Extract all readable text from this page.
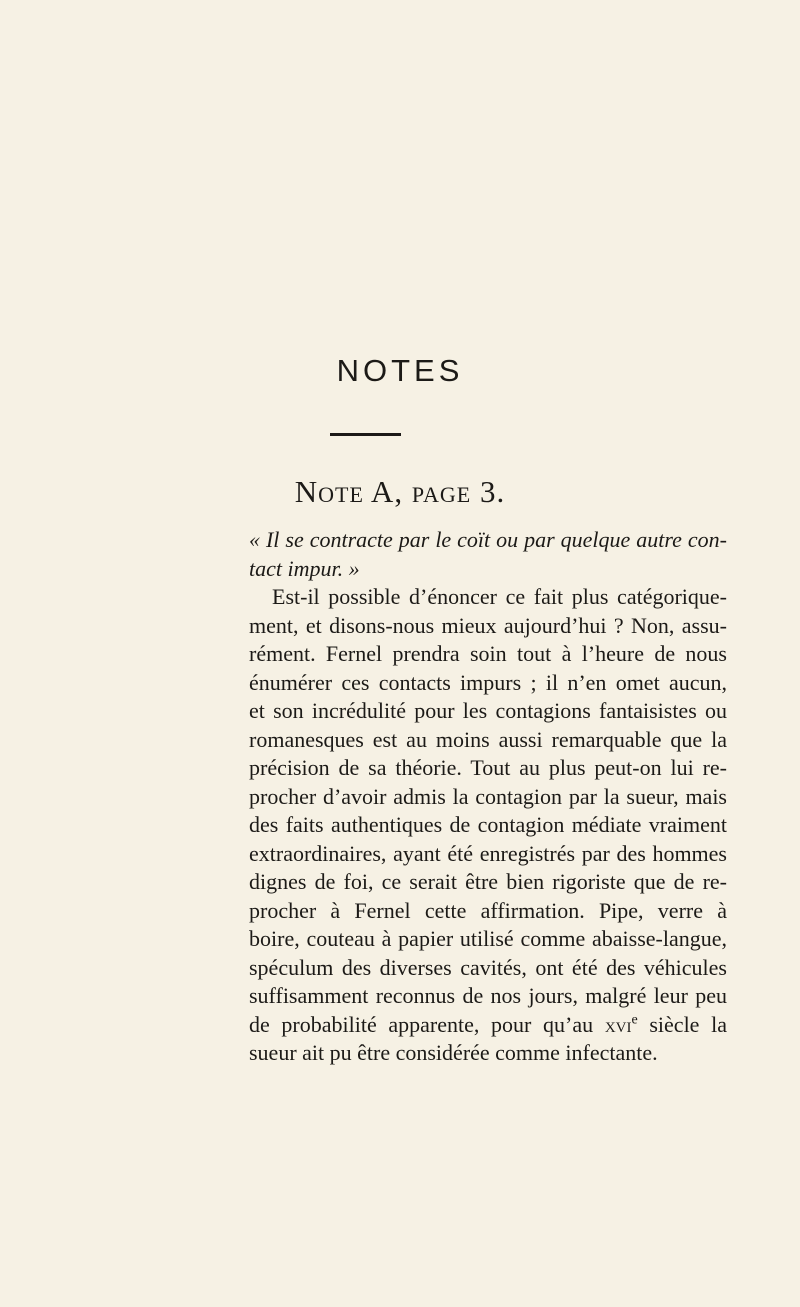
NOTES
Note A, page 3.
« Il se contracte par le coït ou par quelque autre con-
tact impur. »
Est-il possible d’énoncer ce fait plus catégorique-
ment, et disons-nous mieux aujourd’hui ? Non, assu-
rément. Fernel prendra soin tout à l’heure de nous
énumérer ces contacts impurs ; il n’en omet aucun,
et son incrédulité pour les contagions fantaisistes ou
romanesques est au moins aussi remarquable que la
précision de sa théorie. Tout au plus peut-on lui re-
procher d’avoir admis la contagion par la sueur, mais
des faits authentiques de contagion médiate vraiment
extraordinaires, ayant été enregistrés par des hommes
dignes de foi, ce serait être bien rigoriste que de re-
procher à Fernel cette affirmation. Pipe, verre à
boire, couteau à papier utilisé comme abaisse-langue,
spéculum des diverses cavités, ont été des véhicules
suffisamment reconnus de nos jours, malgré leur peu
de probabilité apparente, pour qu’au xvi$^e$ siècle la
sueur ait pu être considérée comme infectante.
